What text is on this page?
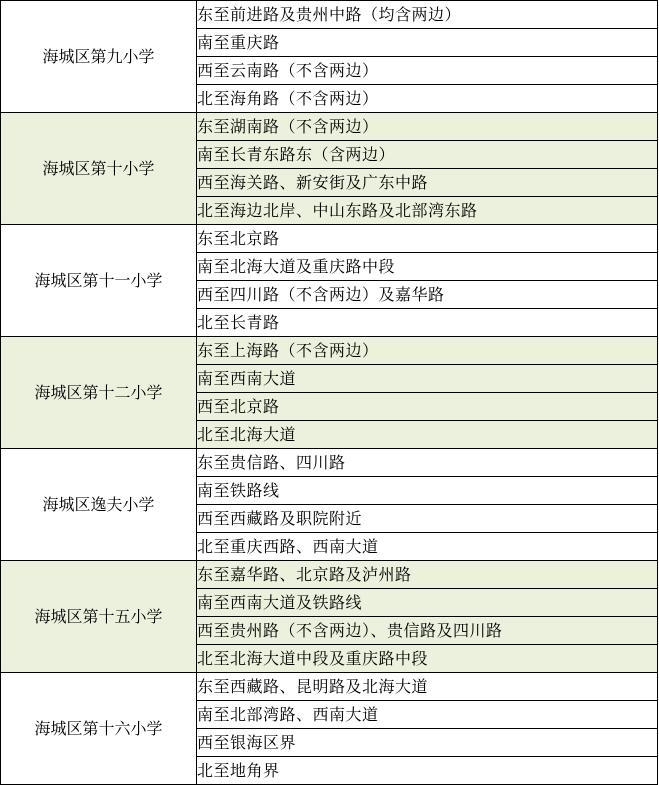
海城区第九小学	东至前进路及贵州中路（均含两边）
	南至重庆路
	西至云南路（不含两边）
	北至海角路（不含两边）
海城区第十小学	东至湖南路（不含两边）
	南至长青东路东（含两边）
	西至海关路、新安街及广东中路
	北至海边北岸、中山东路及北部湾东路
海城区第十一小学	东至北京路
	南至北海大道及重庆路中段
	西至四川路（不含两边）及嘉华路
	北至长青路
海城区第十二小学	东至上海路（不含两边）
	南至西南大道
	西至北京路
	北至北海大道
海城区逸夫小学	东至贵信路、四川路
	南至铁路线
	西至西藏路及职院附近
	北至重庆西路、西南大道
海城区第十五小学	东至嘉华路、北京路及泸州路
	南至西南大道及铁路线
	西至贵州路（不含两边）、贵信路及四川路
	北至北海大道中段及重庆路中段
海城区第十六小学	东至西藏路、昆明路及北海大道
	南至北部湾路、西南大道
	西至银海区界
	北至地角界
